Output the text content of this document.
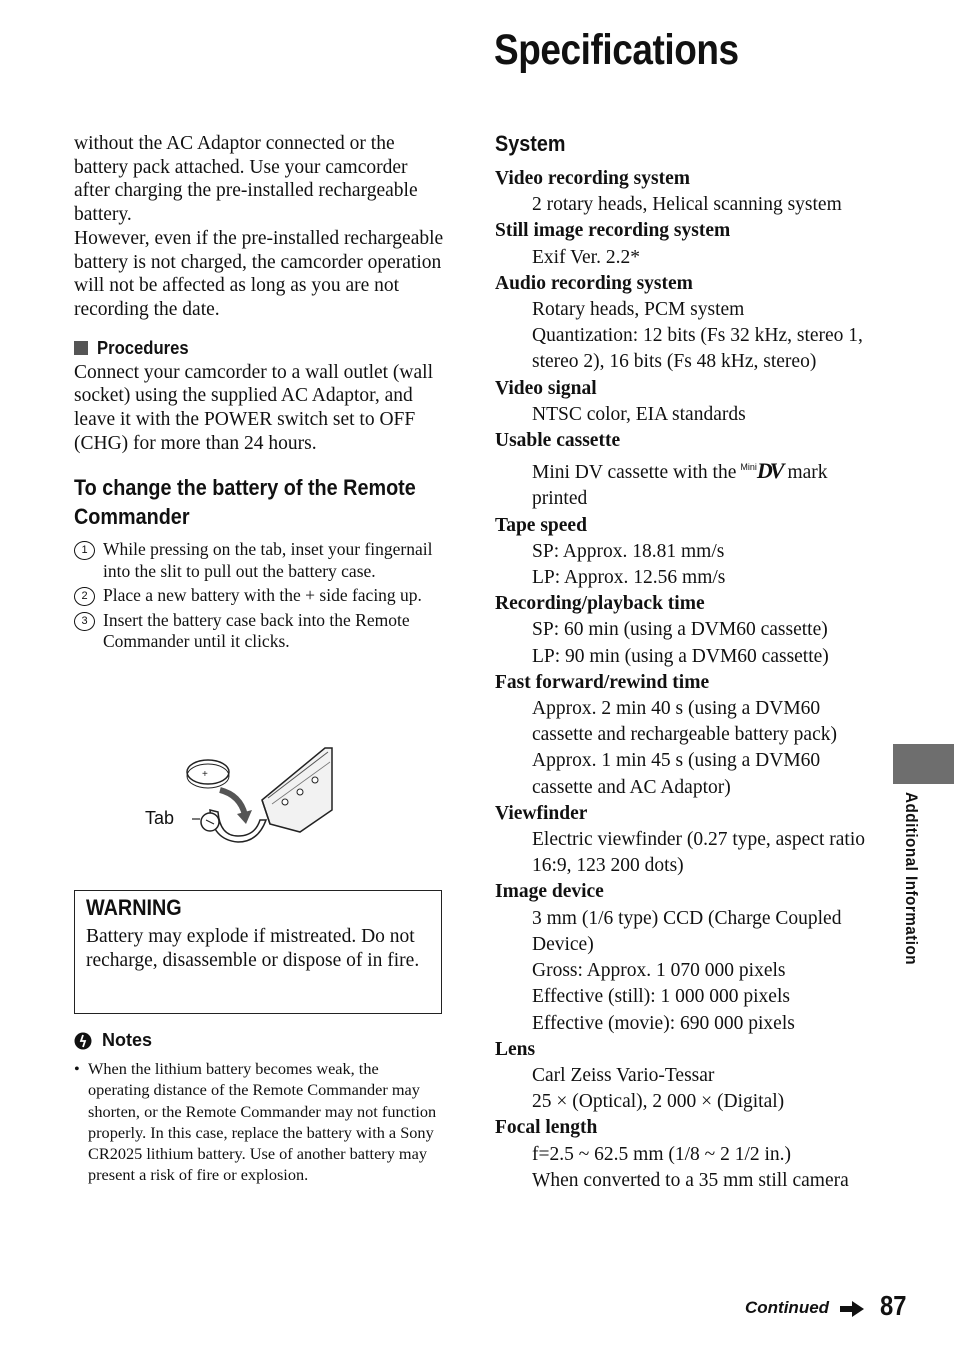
Specifications

without the AC Adaptor connected or the battery pack attached. Use your camcorder after charging the pre-installed rechargeable battery.

However, even if the pre-installed rechargeable battery is not charged, the camcorder operation will not be affected as long as you are not recording the date.

Procedures

Connect your camcorder to a wall outlet (wall socket) using the supplied AC Adaptor, and leave it with the POWER switch set to OFF (CHG) for more than 24 hours.

To change the battery of the Remote Commander
1 While pressing on the tab, inset your fingernail into the slit to pull out the battery case.
2 Place a new battery with the + side facing up.
3 Insert the battery case back into the Remote Commander until it clicks.
+
Tab
WARNING
Battery may explode if mistreated. Do not recharge, disassemble or dispose of in fire.
Notes
• When the lithium battery becomes weak, the operating distance of the Remote Commander may shorten, or the Remote Commander may not function properly. In this case, replace the battery with a Sony CR2025 lithium battery. Use of another battery may present a risk of fire or explosion.
System
Video recording system
2 rotary heads, Helical scanning system
Still image recording system
Exif Ver. 2.2*
Audio recording system
Rotary heads, PCM system
Quantization: 12 bits (Fs 32 kHz, stereo 1, stereo 2), 16 bits (Fs 48 kHz, stereo)
Video signal
NTSC color, EIA standards
Usable cassette
Mini DV cassette with the $^{Mini}$DV mark printed
Tape speed
SP: Approx. 18.81 mm/s
LP: Approx. 12.56 mm/s
Recording/playback time
SP: 60 min (using a DVM60 cassette)
LP: 90 min (using a DVM60 cassette)
Fast forward/rewind time
Approx. 2 min 40 s (using a DVM60 cassette and rechargeable battery pack)
Approx. 1 min 45 s (using a DVM60 cassette and AC Adaptor)
Viewfinder
Electric viewfinder (0.27 type, aspect ratio 16:9, 123 200 dots)
Image device
3 mm (1/6 type) CCD (Charge Coupled Device)
Gross: Approx. 1 070 000 pixels
Effective (still): 1 000 000 pixels
Effective (movie): 690 000 pixels
Lens
Carl Zeiss Vario-Tessar
25 × (Optical), 2 000 × (Digital)
Focal length
f=2.5 ~ 62.5 mm (1/8 ~ 2 1/2 in.)
When converted to a 35 mm still camera
Additional Information
Continued 87
